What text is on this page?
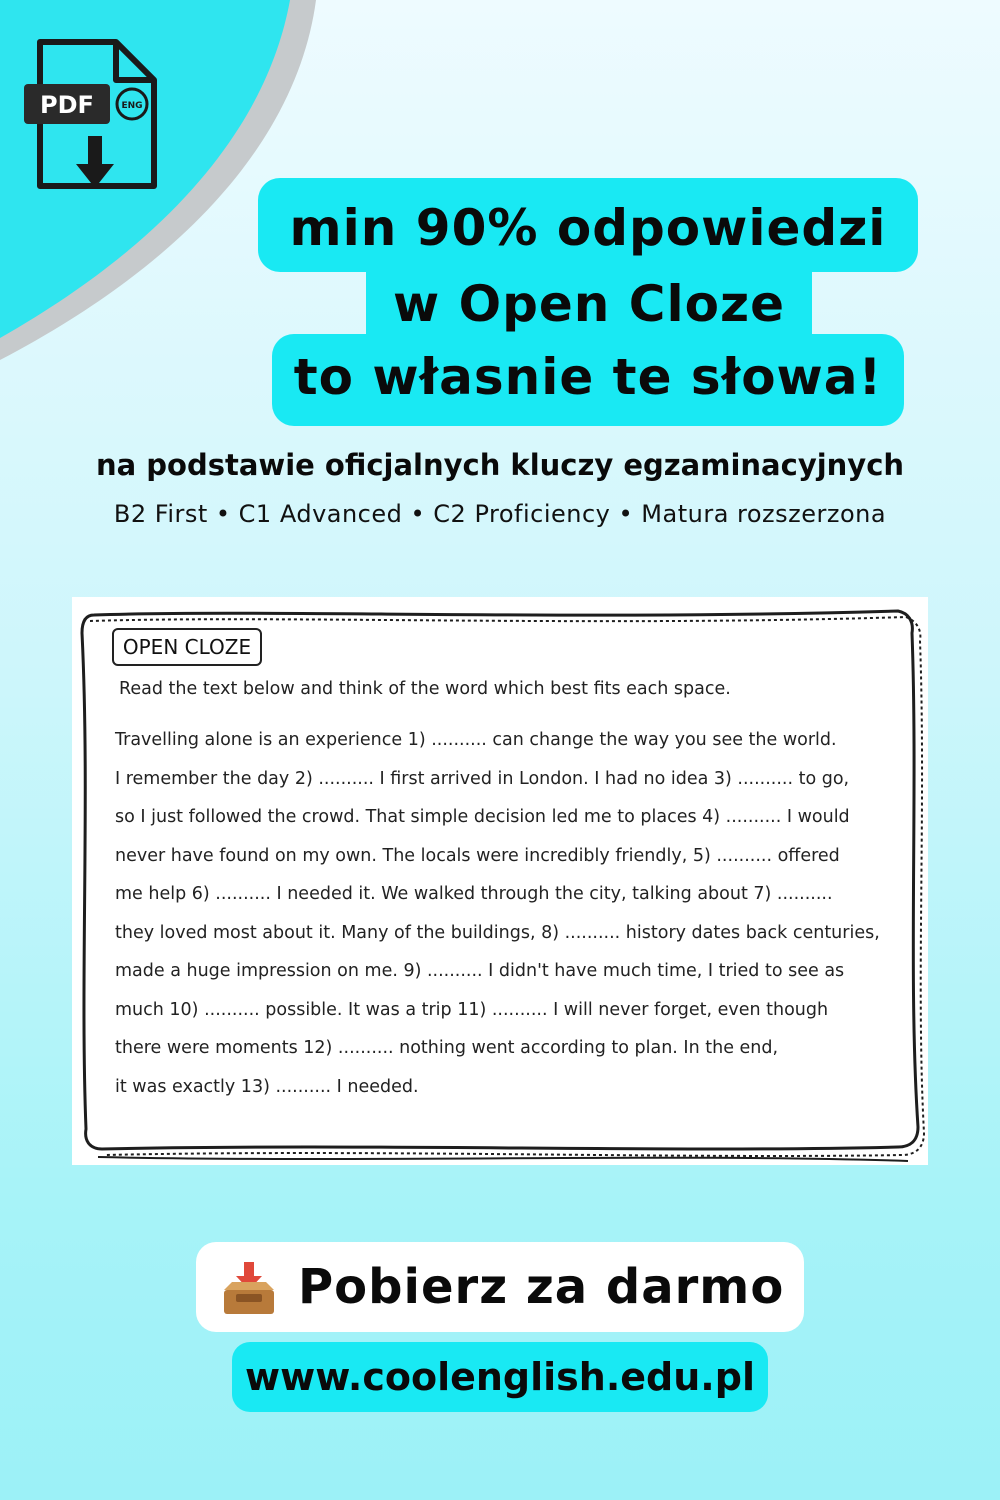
PDF	ENG
min 90% odpowiedzi
w Open Cloze
to własnie te słowa!
na podstawie oficjalnych kluczy egzaminacyjnych
B2 First • C1 Advanced • C2 Proficiency • Matura rozszerzona
OPEN CLOZE
Read the text below and think of the word which best fits each space.
Travelling alone is an experience 1) .......... can change the way you see the world.
I remember the day 2) .......... I first arrived in London. I had no idea 3) .......... to go,
so I just followed the crowd. That simple decision led me to places 4) .......... I would
never have found on my own. The locals were incredibly friendly, 5) .......... offered
me help 6) .......... I needed it. We walked through the city, talking about 7) ..........
they loved most about it. Many of the buildings, 8) .......... history dates back centuries,
made a huge impression on me. 9) .......... I didn't have much time, I tried to see as
much 10) .......... possible. It was a trip 11) .......... I will never forget, even though
there were moments 12) .......... nothing went according to plan. In the end,
it was exactly 13) .......... I needed.
Pobierz za darmo
www.coolenglish.edu.pl
